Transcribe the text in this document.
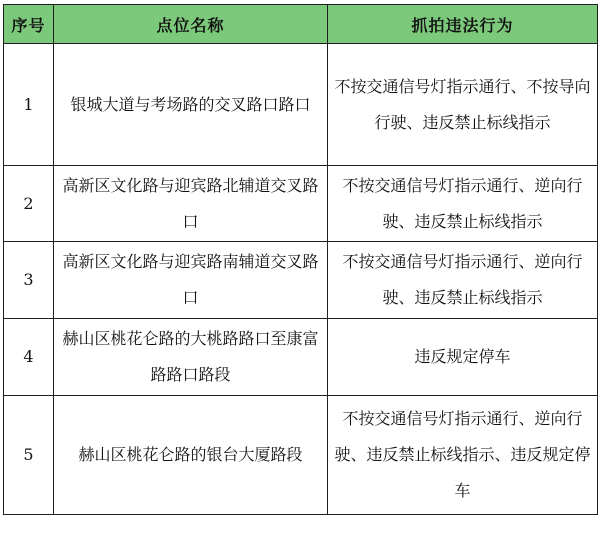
序号	点位名称	抓拍违法行为
1	银城大道与考场路的交叉路口路口	不按交通信号灯指示通行、不按导向行驶、违反禁止标线指示

2	高新区文化路与迎宾路北辅道交叉路口	不按交通信号灯指示通行、逆向行驶、违反禁止标线指示

3	高新区文化路与迎宾路南辅道交叉路口	不按交通信号灯指示通行、逆向行驶、违反禁止标线指示

4	赫山区桃花仑路的大桃路路口至康富路路口路段	违反规定停车

5	赫山区桃花仑路的银台大厦路段	不按交通信号灯指示通行、逆向行驶、违反禁止标线指示、违反规定停车
